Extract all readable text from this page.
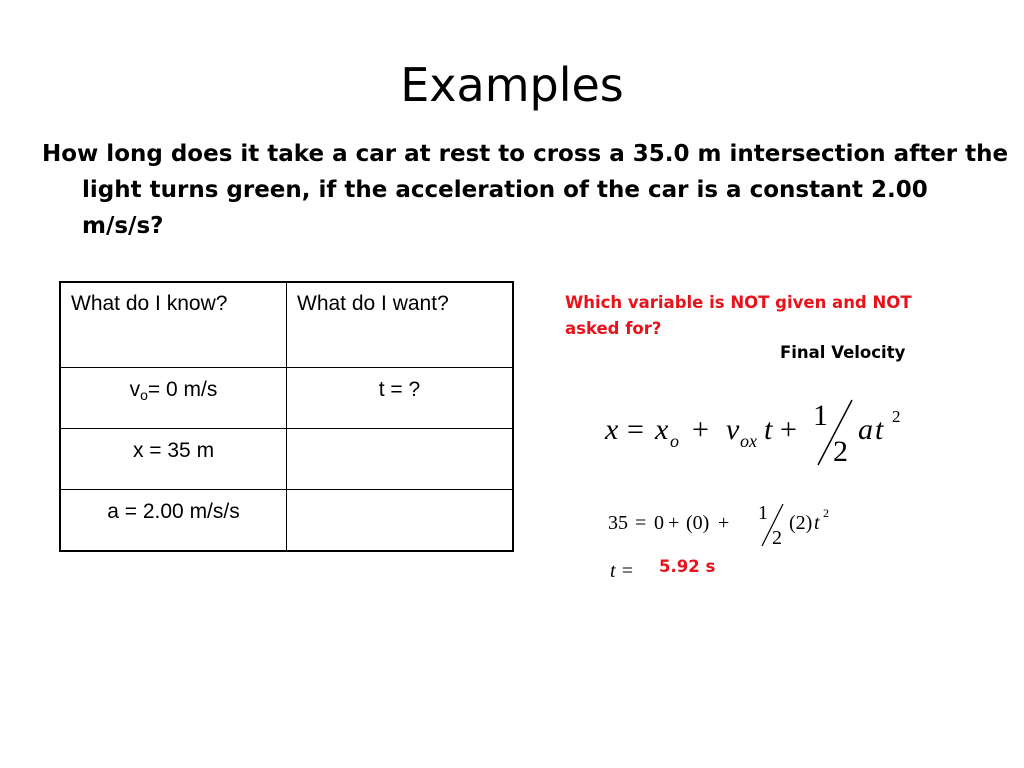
Examples
How long does it take a car at rest to cross a 35.0 m intersection after the light turns green, if the acceleration of the car is a constant 2.00 m/s/s?
What do I know?	What do I want?
$v_o= 0$ m/s	t = ?
x = 35 m	
a = 2.00 m/s/s	
Which variable is NOT given and NOT asked for?
Final Velocity
x = x o + v ox t + 1
2
a t 2
35 = 0 + (0) + 1
2
(2) t 2
t = 5.92 s
